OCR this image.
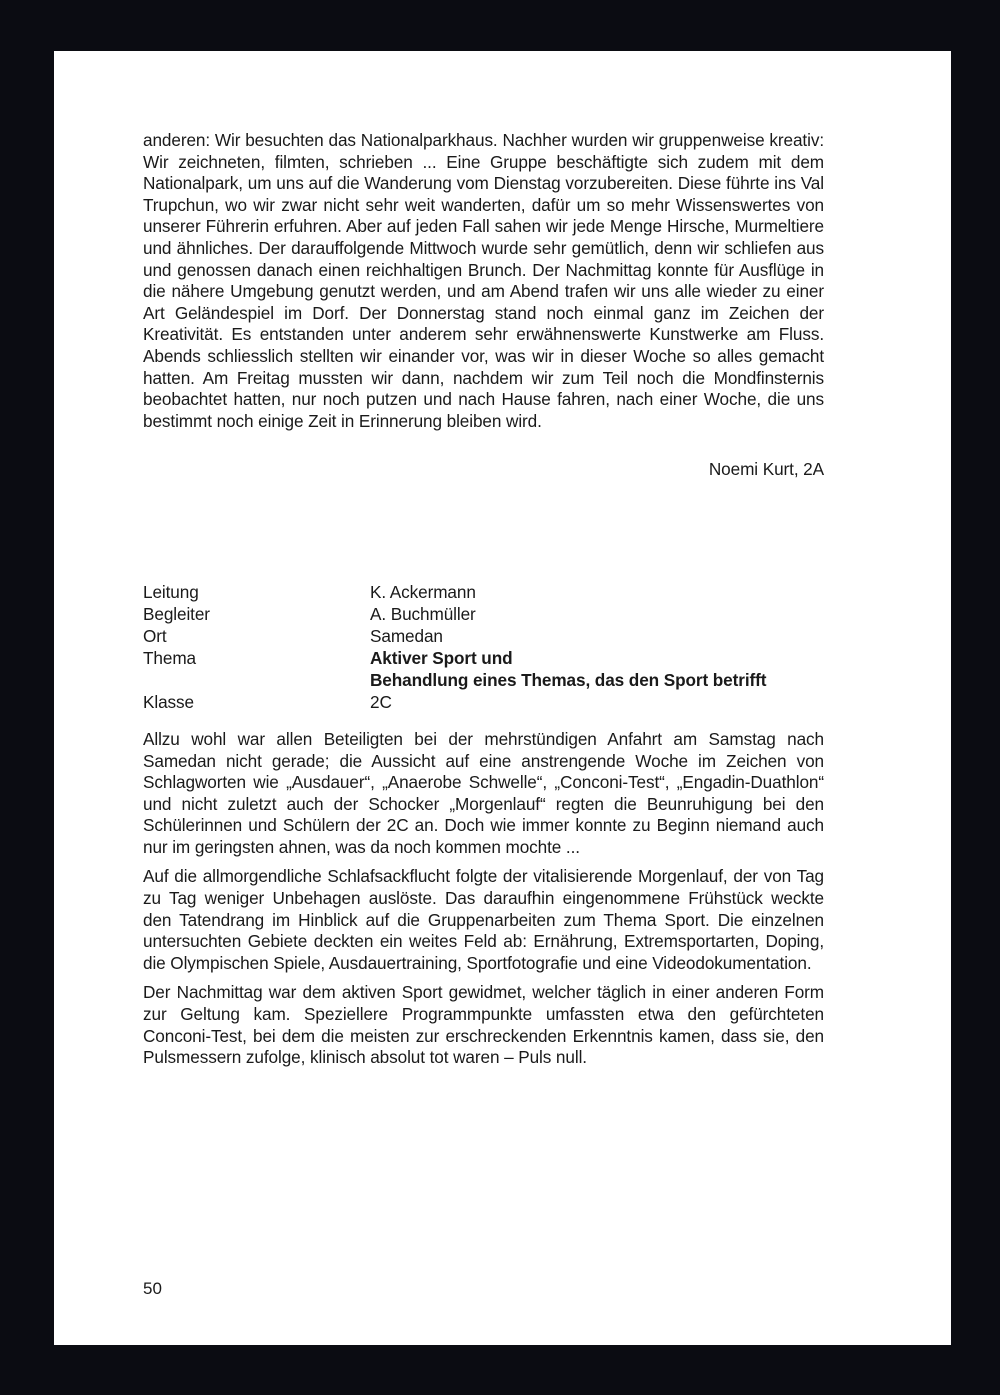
anderen: Wir besuchten das Nationalparkhaus. Nachher wurden wir gruppenweise kreativ: Wir zeichneten, filmten, schrieben ... Eine Gruppe beschäftigte sich zudem mit dem Nationalpark, um uns auf die Wanderung vom Dienstag vorzubereiten. Diese führte ins Val Trupchun, wo wir zwar nicht sehr weit wanderten, dafür um so mehr Wissenswertes von unserer Führerin erfuhren. Aber auf jeden Fall sahen wir jede Menge Hirsche, Murmeltiere und ähnliches. Der darauffolgende Mittwoch wurde sehr gemütlich, denn wir schliefen aus und genossen danach einen reichhaltigen Brunch. Der Nachmittag konnte für Ausflüge in die nähere Umgebung genutzt werden, und am Abend trafen wir uns alle wieder zu einer Art Geländespiel im Dorf. Der Donnerstag stand noch einmal ganz im Zeichen der Kreativität. Es entstanden unter anderem sehr erwähnenswerte Kunstwerke am Fluss. Abends schliesslich stellten wir einander vor, was wir in dieser Woche so alles gemacht hatten. Am Freitag mussten wir dann, nachdem wir zum Teil noch die Mondfinsternis beobachtet hatten, nur noch putzen und nach Hause fahren, nach einer Woche, die uns bestimmt noch einige Zeit in Erinnerung bleiben wird.

Noemi Kurt, 2A
Leitung	K. Ackermann
Begleiter	A. Buchmüller
Ort	Samedan
Thema	Aktiver Sport und
Behandlung eines Themas, das den Sport betrifft
Klasse	2C

Allzu wohl war allen Beteiligten bei der mehrstündigen Anfahrt am Samstag nach Samedan nicht gerade; die Aussicht auf eine anstrengende Woche im Zeichen von Schlagworten wie „Ausdauer“, „Anaerobe Schwelle“, „Conconi-Test“, „Engadin-Duathlon“ und nicht zuletzt auch der Schocker „Morgenlauf“ regten die Beunruhigung bei den Schülerinnen und Schülern der 2C an. Doch wie immer konnte zu Beginn niemand auch nur im geringsten ahnen, was da noch kommen mochte ...

Auf die allmorgendliche Schlafsackflucht folgte der vitalisierende Morgenlauf, der von Tag zu Tag weniger Unbehagen auslöste. Das daraufhin eingenommene Frühstück weckte den Tatendrang im Hinblick auf die Gruppenarbeiten zum Thema Sport. Die einzelnen untersuchten Gebiete deckten ein weites Feld ab: Ernährung, Extremsportarten, Doping, die Olympischen Spiele, Ausdauertraining, Sportfotografie und eine Videodokumentation.

Der Nachmittag war dem aktiven Sport gewidmet, welcher täglich in einer anderen Form zur Geltung kam. Speziellere Programmpunkte umfassten etwa den gefürchteten Conconi-Test, bei dem die meisten zur erschreckenden Erkenntnis kamen, dass sie, den Pulsmessern zufolge, klinisch absolut tot waren – Puls null.

50
